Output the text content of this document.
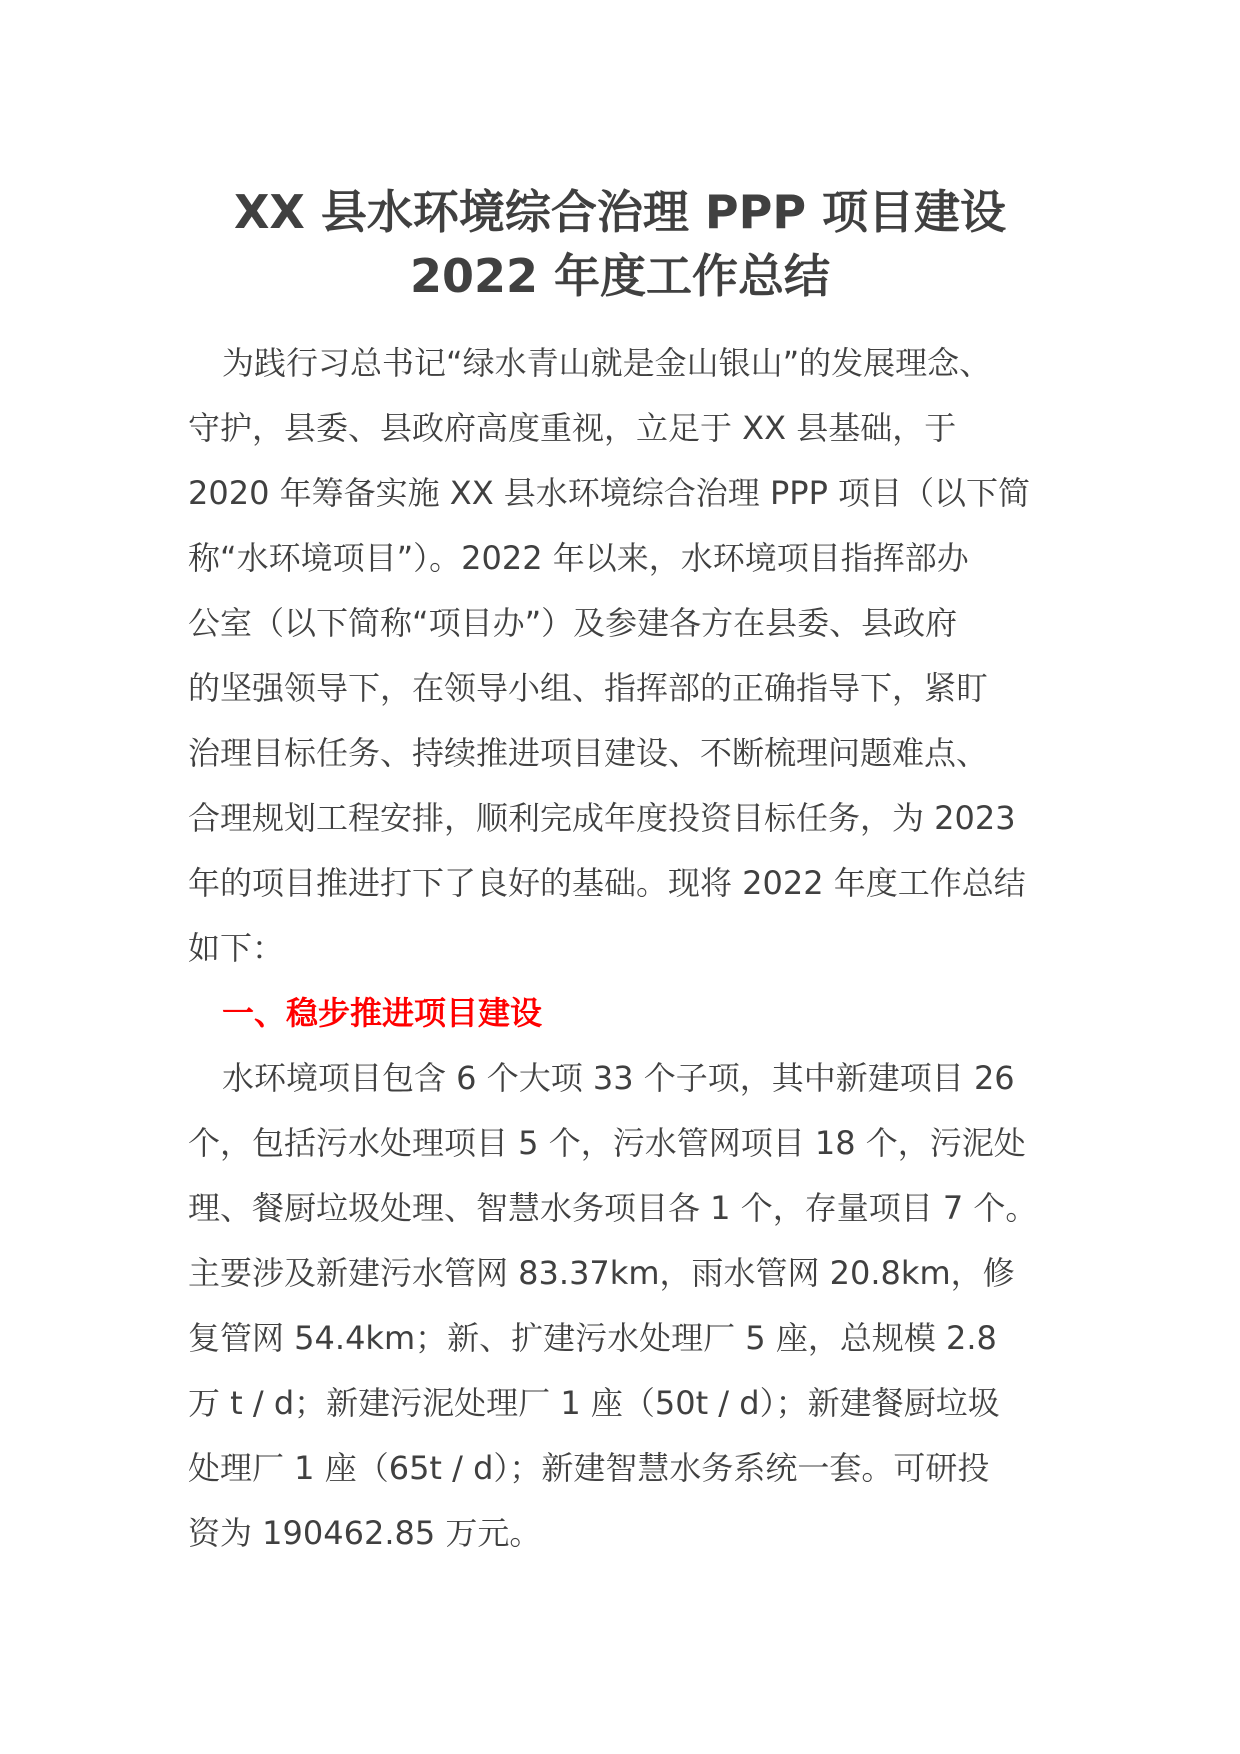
XX 县水环境综合治理 PPP 项目建设
2022 年度工作总结

为践行习总书记“绿水青山就是金山银山”的发展理念、
守护，县委、县政府高度重视，立足于 XX 县基础，于
2020 年筹备实施 XX 县水环境综合治理 PPP 项目（以下简
称“水环境项目”）。2022 年以来，水环境项目指挥部办
公室（以下简称“项目办”）及参建各方在县委、县政府
的坚强领导下，在领导小组、指挥部的正确指导下，紧盯
治理目标任务、持续推进项目建设、不断梳理问题难点、
合理规划工程安排，顺利完成年度投资目标任务，为 2023
年的项目推进打下了良好的基础。现将 2022 年度工作总结
如下：

一、稳步推进项目建设

水环境项目包含 6 个大项 33 个子项，其中新建项目 26
个，包括污水处理项目 5 个，污水管网项目 18 个，污泥处
理、餐厨垃圾处理、智慧水务项目各 1 个，存量项目 7 个。
主要涉及新建污水管网 83.37km，雨水管网 20.8km，修
复管网 54.4km；新、扩建污水处理厂 5 座，总规模 2.8
万 t / d；新建污泥处理厂 1 座（50t / d）；新建餐厨垃圾
处理厂 1 座（65t / d）；新建智慧水务系统一套。可研投
资为 190462.85 万元。
